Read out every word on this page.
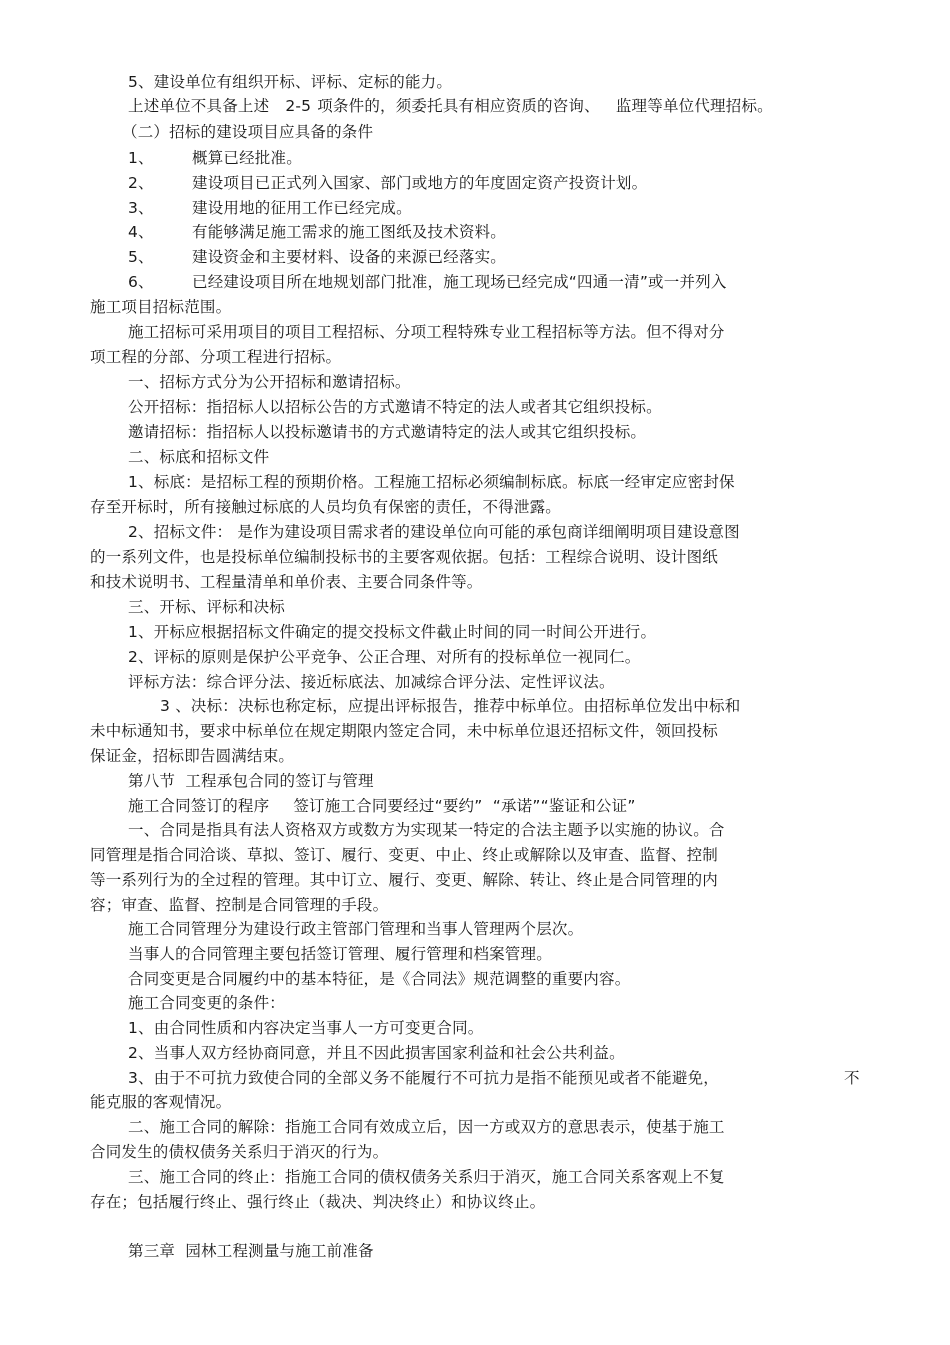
5、建设单位有组织开标、评标、定标的能力。
上述单位不具备上述 2-5 项条件的，须委托具有相应资质的咨询、 监理等单位代理招标。
（二）招标的建设项目应具备的条件
1、 概算已经批准。
2、 建设项目已正式列入国家、部门或地方的年度固定资产投资计划。
3、 建设用地的征用工作已经完成。
4、 有能够满足施工需求的施工图纸及技术资料。
5、 建设资金和主要材料、设备的来源已经落实。
6、 已经建设项目所在地规划部门批准，施工现场已经完成“四通一清”或一并列入
施工项目招标范围。
施工招标可采用项目的项目工程招标、分项工程特殊专业工程招标等方法。但不得对分
项工程的分部、分项工程进行招标。
一、招标方式分为公开招标和邀请招标。
公开招标：指招标人以招标公告的方式邀请不特定的法人或者其它组织投标。
邀请招标：指招标人以投标邀请书的方式邀请特定的法人或其它组织投标。
二、标底和招标文件
1、标底：是招标工程的预期价格。工程施工招标必须编制标底。标底一经审定应密封保
存至开标时，所有接触过标底的人员均负有保密的责任，不得泄露。
2、招标文件： 是作为建设项目需求者的建设单位向可能的承包商详细阐明项目建设意图
的一系列文件，也是投标单位编制投标书的主要客观依据。包括：工程综合说明、设计图纸
和技术说明书、工程量清单和单价表、主要合同条件等。
三、开标、评标和决标
1、开标应根据招标文件确定的提交投标文件截止时间的同一时间公开进行。
2、评标的原则是保护公平竞争、公正合理、对所有的投标单位一视同仁。
评标方法：综合评分法、接近标底法、加减综合评分法、定性评议法。
3 、决标：决标也称定标，应提出评标报告，推荐中标单位。由招标单位发出中标和
未中标通知书，要求中标单位在规定期限内签定合同，未中标单位退还招标文件，领回投标
保证金，招标即告圆满结束。
第八节  工程承包合同的签订与管理
施工合同签订的程序 签订施工合同要经过“要约”  “承诺”“鉴证和公证”
一、合同是指具有法人资格双方或数方为实现某一特定的合法主题予以实施的协议。合
同管理是指合同洽谈、草拟、签订、履行、变更、中止、终止或解除以及审查、监督、控制
等一系列行为的全过程的管理。其中订立、履行、变更、解除、转让、终止是合同管理的内
容；审查、监督、控制是合同管理的手段。
施工合同管理分为建设行政主管部门管理和当事人管理两个层次。
当事人的合同管理主要包括签订管理、履行管理和档案管理。
合同变更是合同履约中的基本特征，是《合同法》规范调整的重要内容。
施工合同变更的条件：
1、由合同性质和内容决定当事人一方可变更合同。
2、当事人双方经协商同意，并且不因此损害国家利益和社会公共利益。
3、由于不可抗力致使合同的全部义务不能履行不可抗力是指不能预见或者不能避免，	不
能克服的客观情况。
二、施工合同的解除：指施工合同有效成立后，因一方或双方的意思表示，使基于施工
合同发生的债权债务关系归于消灭的行为。
三、施工合同的终止：指施工合同的债权债务关系归于消灭，施工合同关系客观上不复
存在；包括履行终止、强行终止（裁决、判决终止）和协议终止。
第三章  园林工程测量与施工前准备
